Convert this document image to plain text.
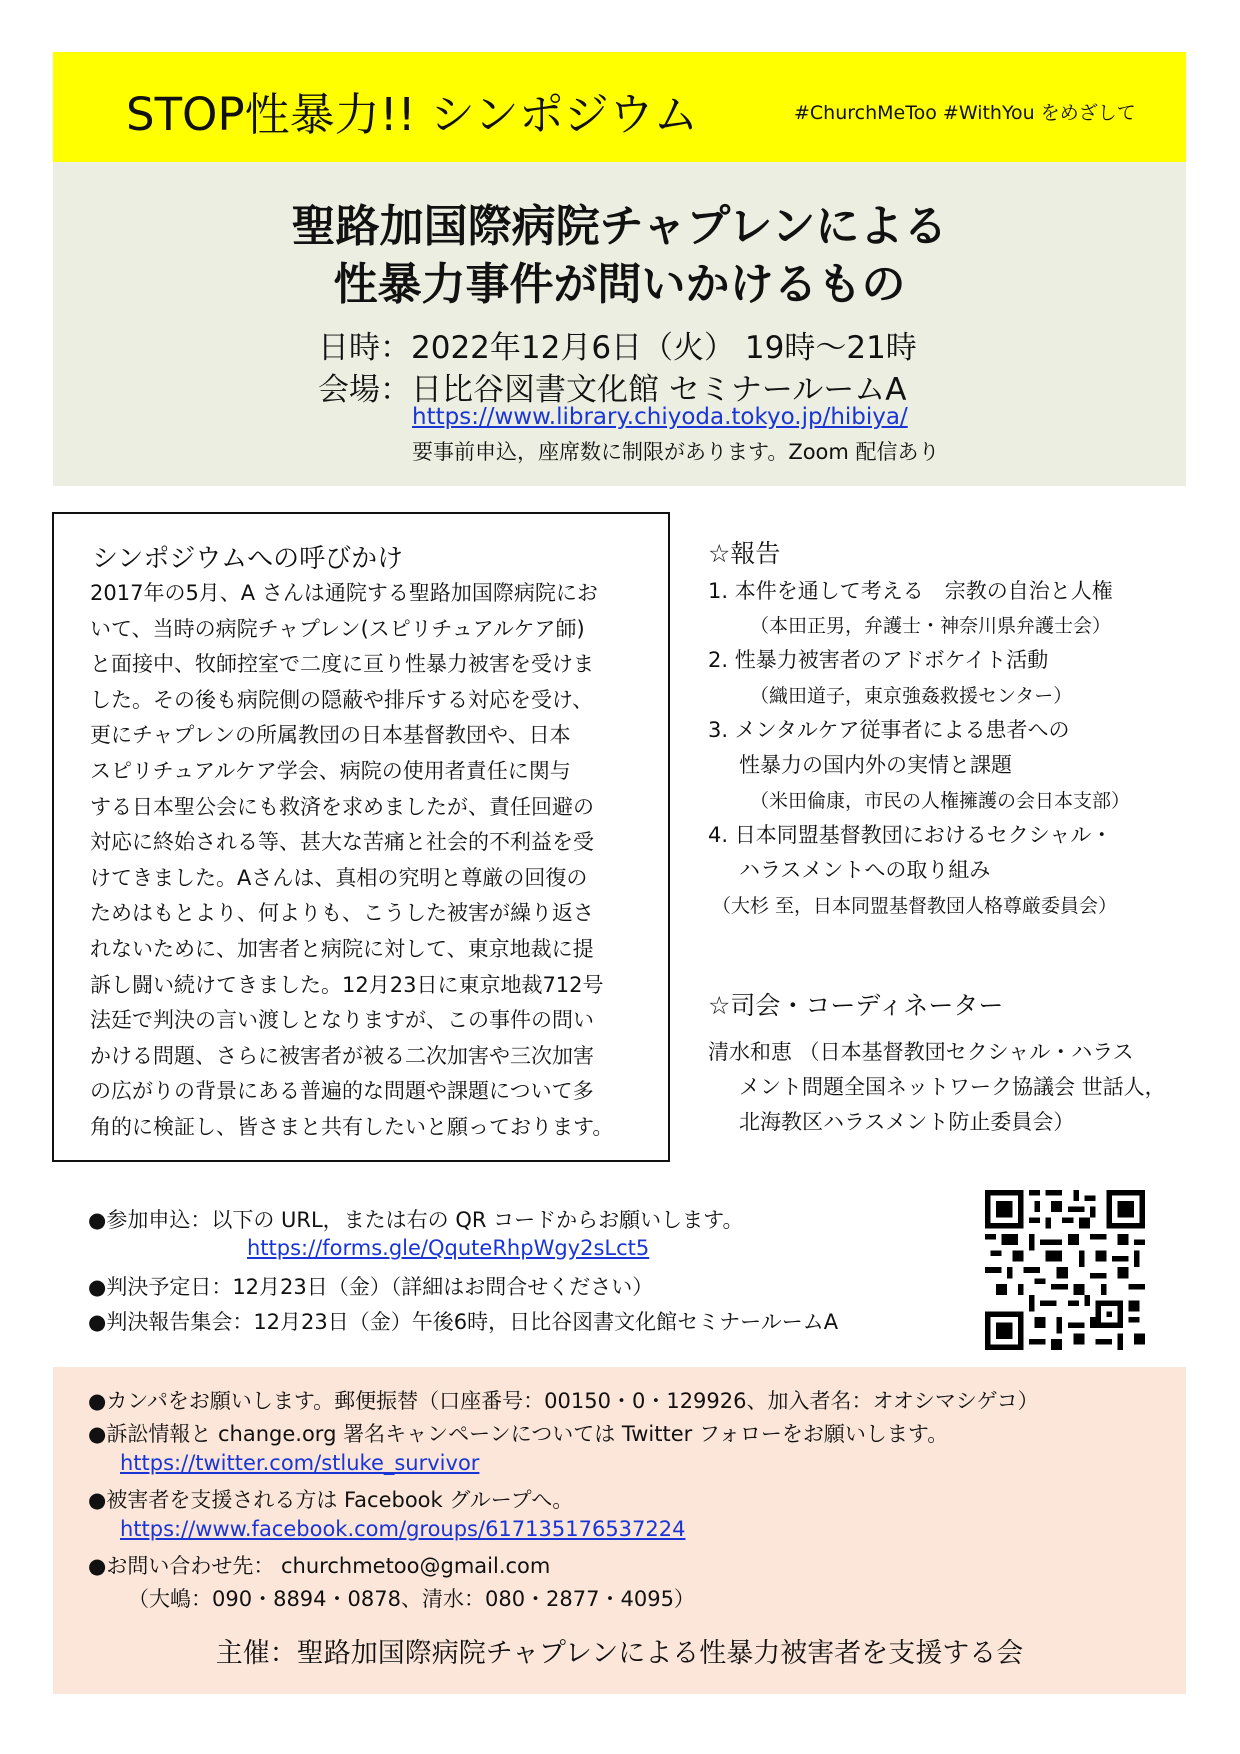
STOP性暴力!! シンポジウム	#ChurchMeToo #WithYou をめざして
聖路加国際病院チャプレンによる
性暴力事件が問いかけるもの
日時：2022年12月6日（火） 19時～21時
会場：日比谷図書文化館 セミナールームA
https://www.library.chiyoda.tokyo.jp/hibiya/
要事前申込，座席数に制限があります。Zoom 配信あり
シンポジウムへの呼びかけ
2017年の5月、A さんは通院する聖路加国際病院にお
いて、当時の病院チャプレン(スピリチュアルケア師)
と面接中、牧師控室で二度に亘り性暴力被害を受けま
した。その後も病院側の隠蔽や排斥する対応を受け、
更にチャプレンの所属教団の日本基督教団や、日本
スピリチュアルケア学会、病院の使用者責任に関与
する日本聖公会にも救済を求めましたが、責任回避の
対応に終始される等、甚大な苦痛と社会的不利益を受
けてきました。Aさんは、真相の究明と尊厳の回復の
ためはもとより、何よりも、こうした被害が繰り返さ
れないために、加害者と病院に対して、東京地裁に提
訴し闘い続けてきました。12月23日に東京地裁712号
法廷で判決の言い渡しとなりますが、この事件の問い
かける問題、さらに被害者が被る二次加害や三次加害
の広がりの背景にある普遍的な問題や課題について多
角的に検証し、皆さまと共有したいと願っております。
☆報告
1. 本件を通して考える　宗教の自治と人権
（本田正男，弁護士・神奈川県弁護士会）
2. 性暴力被害者のアドボケイト活動
（織田道子，東京強姦救援センター）
3. メンタルケア従事者による患者への
性暴力の国内外の実情と課題
（米田倫康，市民の人権擁護の会日本支部）
4. 日本同盟基督教団におけるセクシャル・
ハラスメントへの取り組み
（大杉 至，日本同盟基督教団人格尊厳委員会）
☆司会・コーディネーター
清水和恵 （日本基督教団セクシャル・ハラス
メント問題全国ネットワーク協議会 世話人，
北海教区ハラスメント防止委員会）
●参加申込：以下の URL，または右の QR コードからお願いします。
https://forms.gle/QquteRhpWgy2sLct5
●判決予定日：12月23日（金）（詳細はお問合せください）
●判決報告集会：12月23日（金）午後6時，日比谷図書文化館セミナールームA
●カンパをお願いします。郵便振替（口座番号：00150・0・129926、加入者名：オオシマシゲコ）
●訴訟情報と change.org 署名キャンペーンについては Twitter フォローをお願いします。
https://twitter.com/stluke_survivor
●被害者を支援される方は Facebook グループへ。
https://www.facebook.com/groups/617135176537224
●お問い合わせ先： churchmetoo@gmail.com
（大嶋：090・8894・0878、清水：080・2877・4095）
主催：聖路加国際病院チャプレンによる性暴力被害者を支援する会
